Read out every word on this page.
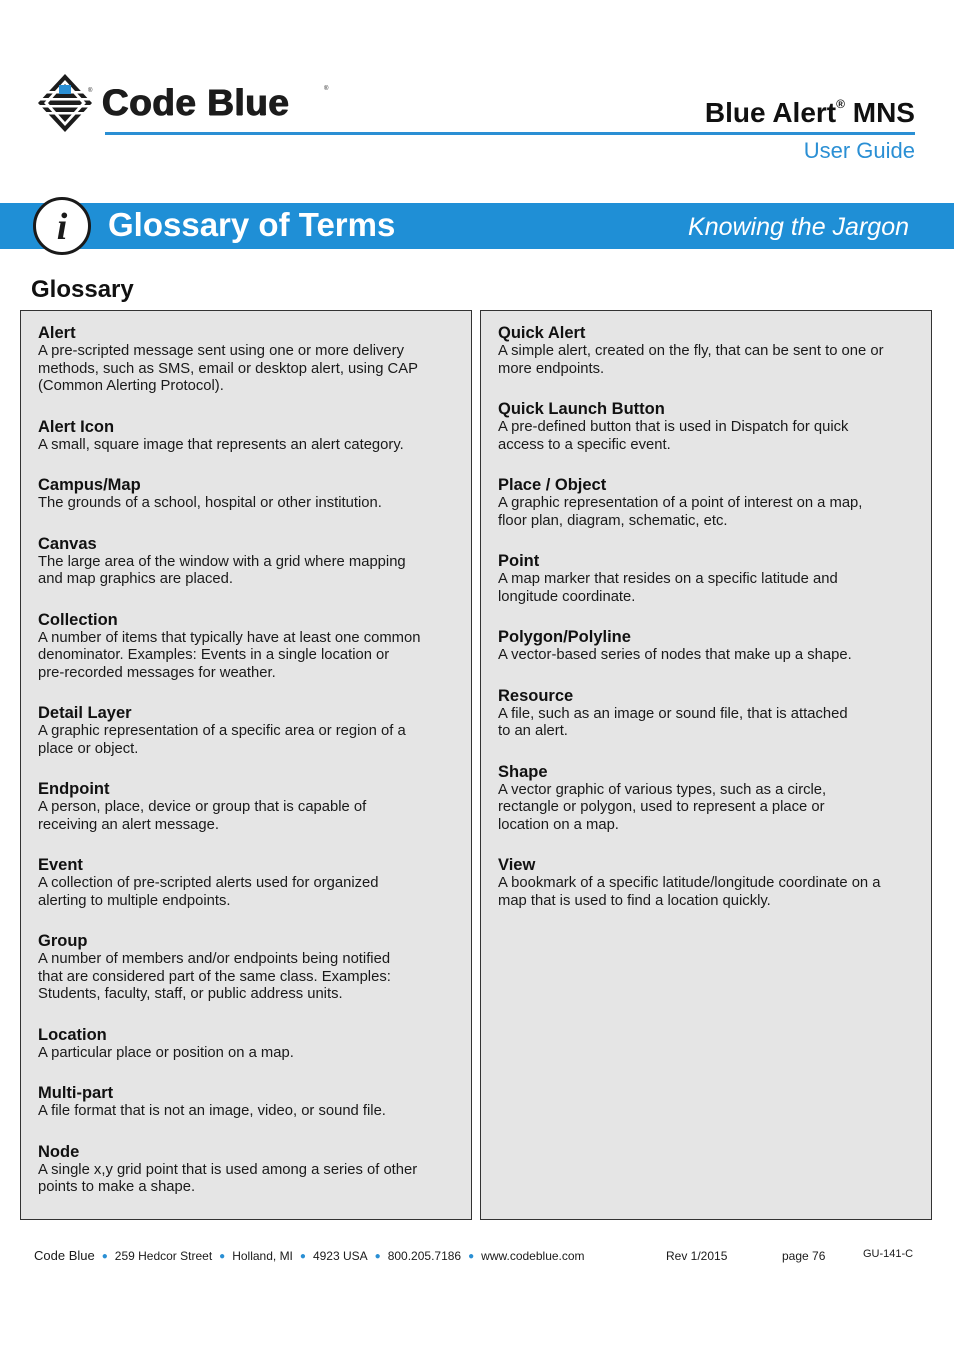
® Code Blue	®
Blue Alert® MNS
User Guide
i	Glossary of Terms	Knowing the Jargon
Glossary
Alert
A pre-scripted message sent using one or more delivery
methods, such as SMS, email or desktop alert, using CAP
(Common Alerting Protocol).
Alert Icon
A small, square image that represents an alert category.
Campus/Map
The grounds of a school, hospital or other institution.
Canvas
The large area of the window with a grid where mapping
and map graphics are placed.
Collection
A number of items that typically have at least one common
denominator. Examples: Events in a single location or
pre-recorded messages for weather.
Detail Layer
A graphic representation of a specific area or region of a
place or object.
Endpoint
A person, place, device or group that is capable of
receiving an alert message.
Event
A collection of pre-scripted alerts used for organized
alerting to multiple endpoints.
Group
A number of members and/or endpoints being notified
that are considered part of the same class. Examples:
Students, faculty, staff, or public address units.
Location
A particular place or position on a map.
Multi-part
A file format that is not an image, video, or sound file.
Node
A single x,y grid point that is used among a series of other
points to make a shape.
Quick Alert
A simple alert, created on the fly, that can be sent to one or
more endpoints.
Quick Launch Button
A pre-defined button that is used in Dispatch for quick
access to a specific event.
Place / Object
A graphic representation of a point of interest on a map,
floor plan, diagram, schematic, etc.
Point
A map marker that resides on a specific latitude and
longitude coordinate.
Polygon/Polyline
A vector-based series of nodes that make up a shape.
Resource
A file, such as an image or sound file, that is attached
to an alert.
Shape
A vector graphic of various types, such as a circle,
rectangle or polygon, used to represent a place or
location on a map.
View
A bookmark of a specific latitude/longitude coordinate on a
map that is used to find a location quickly.
Code Blue ● 259 Hedcor Street ● Holland, MI ● 4923 USA ● 800.205.7186 ● www.codeblue.com	Rev 1/2015	page 76	GU-141-C
